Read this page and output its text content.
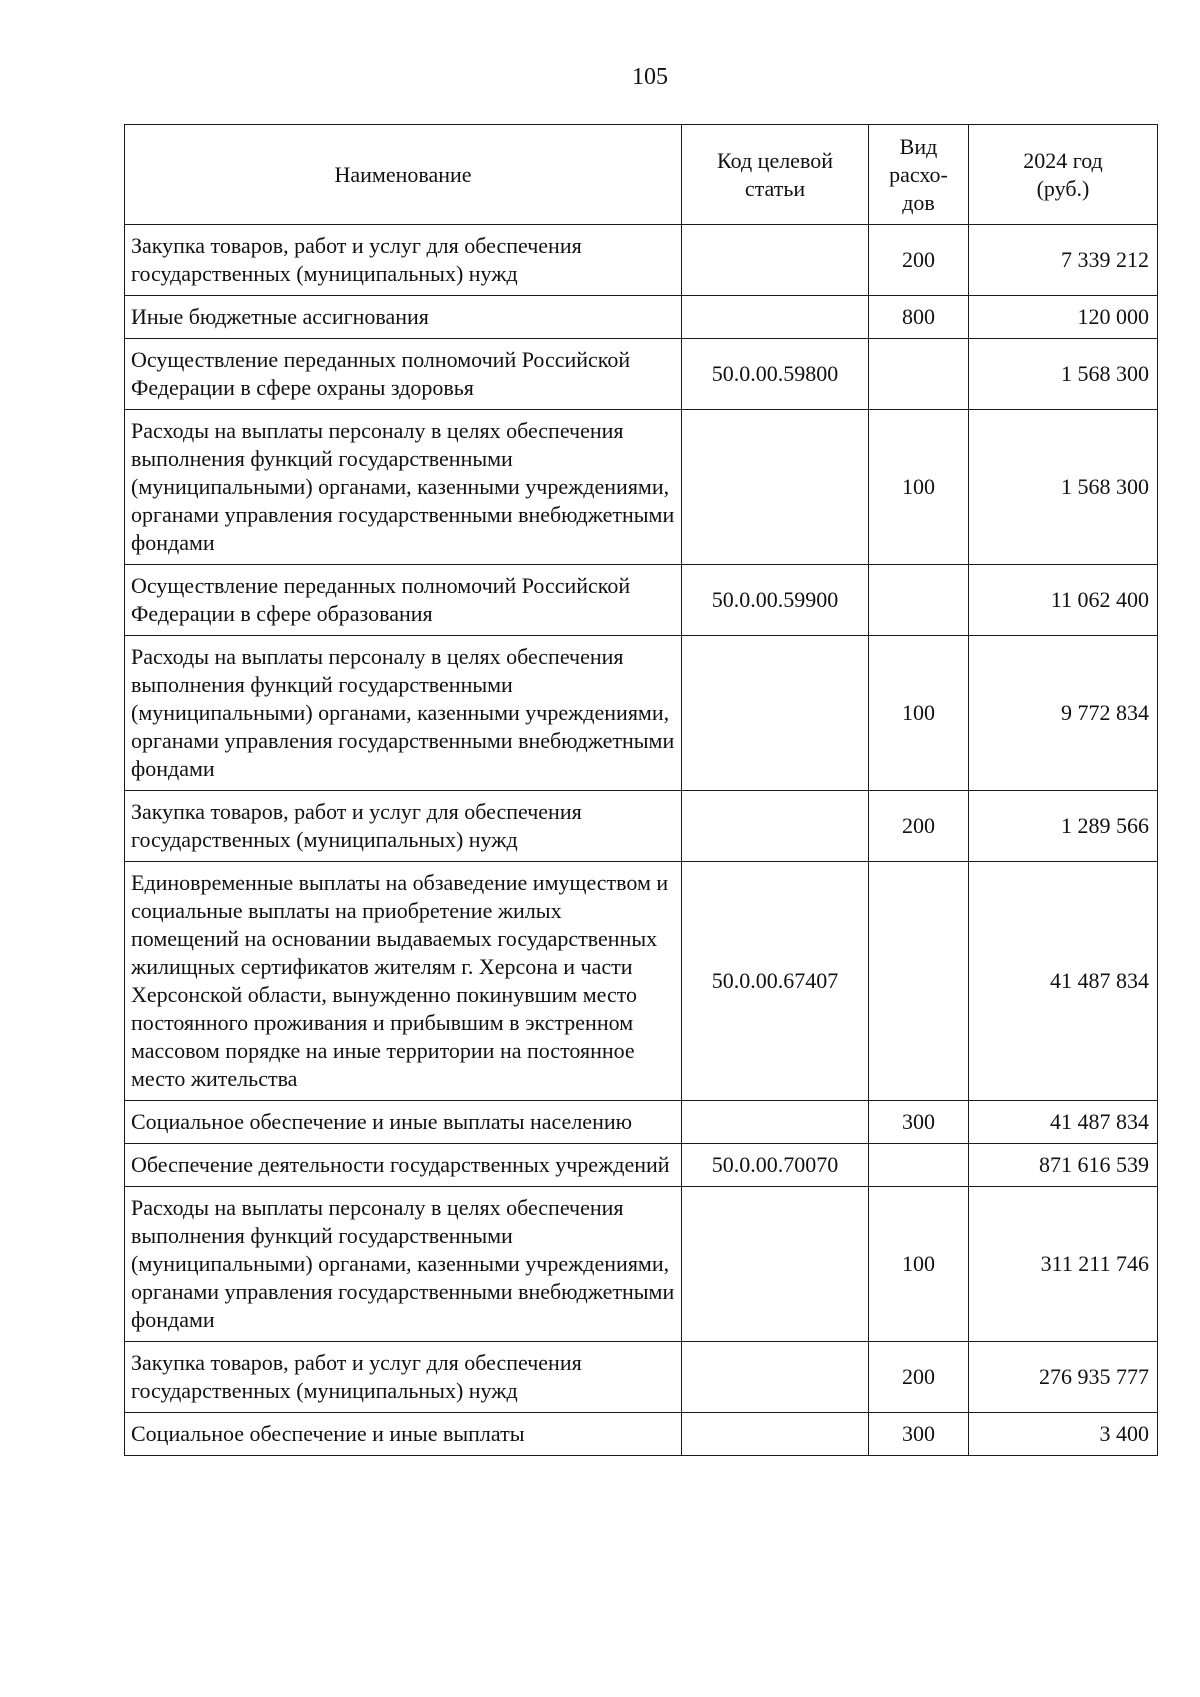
105
Наименование	Код целевой статьи	Вид расхо-дов	2024 год (руб.)
Закупка товаров, работ и услуг для обеспечения государственных (муниципальных) нужд		200	7 339 212
Иные бюджетные ассигнования		800	120 000
Осуществление переданных полномочий Российской Федерации в сфере охраны здоровья	50.0.00.59800		1 568 300
Расходы на выплаты персоналу в целях обеспечения выполнения функций государственными (муниципальными) органами, казенными учреждениями, органами управления государственными внебюджетными фондами		100	1 568 300
Осуществление переданных полномочий Российской Федерации в сфере образования	50.0.00.59900		11 062 400
Расходы на выплаты персоналу в целях обеспечения выполнения функций государственными (муниципальными) органами, казенными учреждениями, органами управления государственными внебюджетными фондами		100	9 772 834
Закупка товаров, работ и услуг для обеспечения государственных (муниципальных) нужд		200	1 289 566
Единовременные выплаты на обзаведение имуществом и социальные выплаты на приобретение жилых помещений на основании выдаваемых государственных жилищных сертификатов жителям г. Херсона и части Херсонской области, вынужденно покинувшим место постоянного проживания и прибывшим в экстренном массовом порядке на иные территории на постоянное место жительства	50.0.00.67407		41 487 834
Социальное обеспечение и иные выплаты населению		300	41 487 834
Обеспечение деятельности государственных учреждений	50.0.00.70070		871 616 539
Расходы на выплаты персоналу в целях обеспечения выполнения функций государственными (муниципальными) органами, казенными учреждениями, органами управления государственными внебюджетными фондами		100	311 211 746
Закупка товаров, работ и услуг для обеспечения государственных (муниципальных) нужд		200	276 935 777
Социальное обеспечение и иные выплаты		300	3 400
